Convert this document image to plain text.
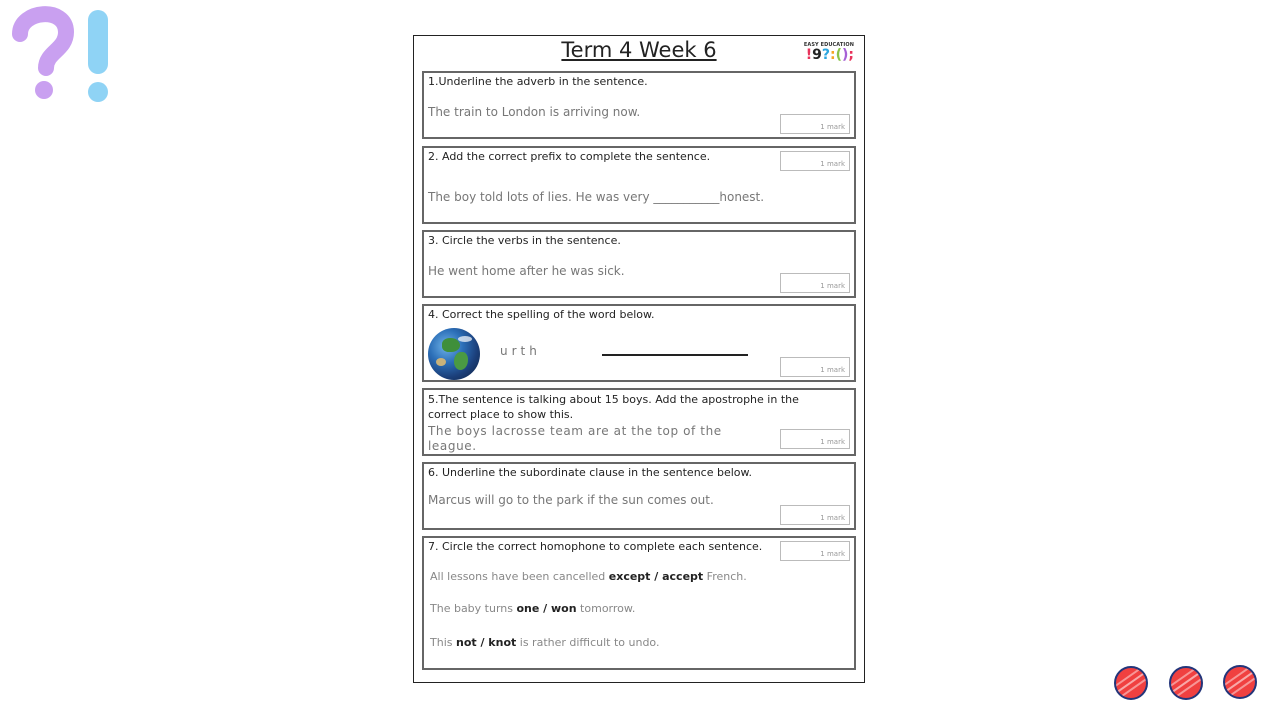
Term 4 Week 6	EASY EDUCATION
!9?:();
1.Underline the adverb in the sentence.
The train to London is arriving now.
1 mark
2. Add the correct prefix to complete the sentence.
1 mark
The boy told lots of lies. He was very ___________honest.
3. Circle the verbs in the sentence.
He went home after he was sick.
1 mark
4. Correct the spelling of the word below.
urth
1 mark
5.The sentence is talking about 15 boys. Add the apostrophe in the correct place to show this.
The boys lacrosse team are at the top of the
league.	1 mark
6. Underline the subordinate clause in the sentence below.
Marcus will go to the park if the sun comes out.
1 mark
7. Circle the correct homophone to complete each sentence.
1 mark
All lessons have been cancelled except / accept French.
The baby turns one / won tomorrow.
This not / knot is rather difficult to undo.
